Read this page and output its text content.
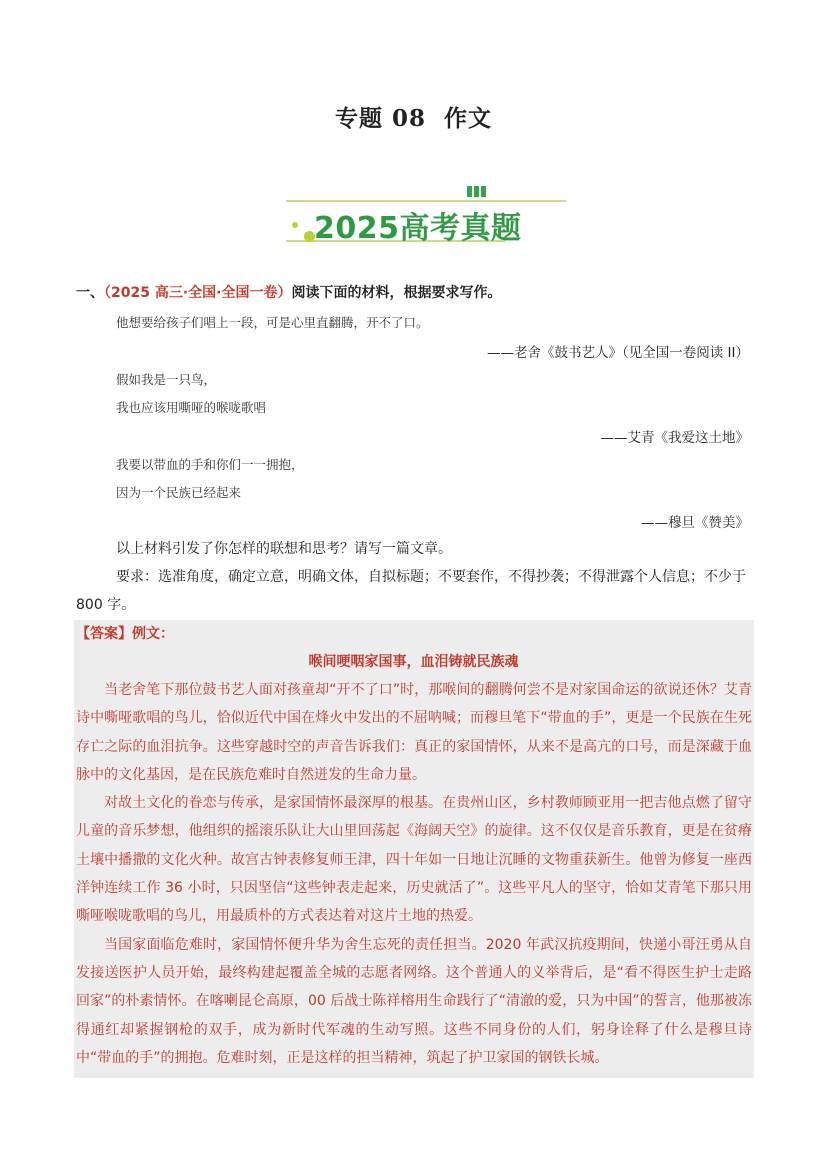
专题 08 作文
2025高考真题
一、（2025 高三·全国·全国一卷）阅读下面的材料，根据要求写作。
他想要给孩子们唱上一段，可是心里直翻腾，开不了口。
——老舍《鼓书艺人》（见全国一卷阅读 II）
假如我是一只鸟，
我也应该用嘶哑的喉咙歌唱
——艾青《我爱这土地》
我要以带血的手和你们一一拥抱，
因为一个民族已经起来
——穆旦《赞美》
以上材料引发了你怎样的联想和思考？请写一篇文章。
要求：选准角度，确定立意，明确文体，自拟标题；不要套作，不得抄袭；不得泄露个人信息；不少于 800 字。
【答案】例文：
喉间哽咽家国事，血泪铸就民族魂

当老舍笔下那位鼓书艺人面对孩童却“开不了口”时，那喉间的翻腾何尝不是对家国命运的欲说还休？艾青诗中嘶哑歌唱的鸟儿，恰似近代中国在烽火中发出的不屈呐喊；而穆旦笔下“带血的手”，更是一个民族在生死存亡之际的血泪抗争。这些穿越时空的声音告诉我们：真正的家国情怀，从来不是高亢的口号，而是深藏于血脉中的文化基因，是在民族危难时自然迸发的生命力量。

对故土文化的眷恋与传承，是家国情怀最深厚的根基。在贵州山区，乡村教师顾亚用一把吉他点燃了留守儿童的音乐梦想，他组织的摇滚乐队让大山里回荡起《海阔天空》的旋律。这不仅仅是音乐教育，更是在贫瘠土壤中播撒的文化火种。故宫古钟表修复师王津，四十年如一日地让沉睡的文物重获新生。他曾为修复一座西洋钟连续工作 36 小时，只因坚信“这些钟表走起来，历史就活了”。这些平凡人的坚守，恰如艾青笔下那只用嘶哑喉咙歌唱的鸟儿，用最质朴的方式表达着对这片土地的热爱。

当国家面临危难时，家国情怀便升华为舍生忘死的责任担当。2020 年武汉抗疫期间，快递小哥汪勇从自发接送医护人员开始，最终构建起覆盖全城的志愿者网络。这个普通人的义举背后，是“看不得医生护士走路回家”的朴素情怀。在喀喇昆仑高原，00 后战士陈祥榕用生命践行了“清澈的爱，只为中国”的誓言，他那被冻得通红却紧握钢枪的双手，成为新时代军魂的生动写照。这些不同身份的人们，躬身诠释了什么是穆旦诗中“带血的手”的拥抱。危难时刻，正是这样的担当精神，筑起了护卫家国的钢铁长城。
